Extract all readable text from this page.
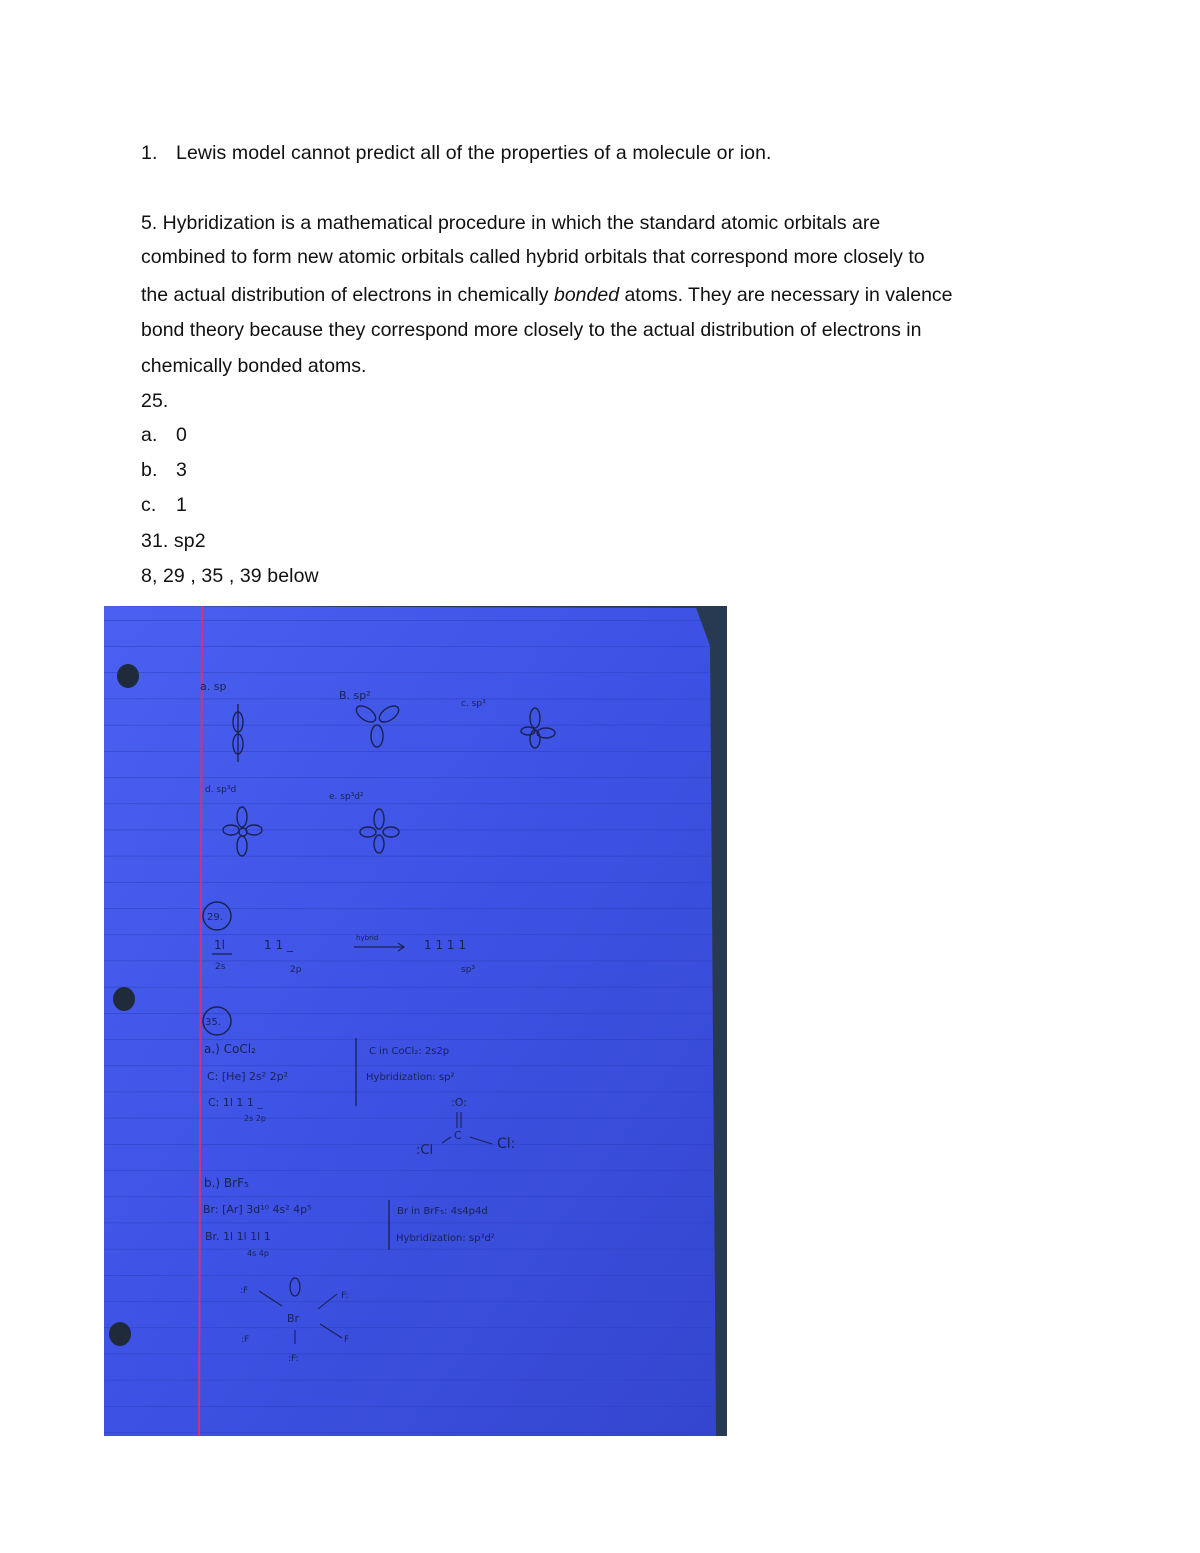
1. Lewis model cannot predict all of the properties of a molecule or ion.
5. Hybridization is a mathematical procedure in which the standard atomic orbitals are
combined to form new atomic orbitals called hybrid orbitals that correspond more closely to
the actual distribution of electrons in chemically bonded atoms. They are necessary in valence
bond theory because they correspond more closely to the actual distribution of electrons in
chemically bonded atoms.
25.
a. 0
b. 3
c. 1
31. sp2
8, 29 , 35 , 39 below
a. sp
B. sp²
c. sp³
d. sp³d
e. sp³d²
29.
1l
2s
1 1 _
2p
hybrid	1 1 1 1
sp³
35.
a.) CoCl₂
C: [He] 2s² 2p²
C: 1l 1 1 _
2s 2p
C in CoCl₂: 2s2p
Hybridization: sp²
:O:
C
:Cl	Cl:
b.) BrF₅
Br: [Ar] 3d¹⁰ 4s² 4p⁵
Br. 1l 1l 1l 1
4s 4p
Br in BrF₅: 4s4p4d
Hybridization: sp³d²
Br
:F	F:
:F	F
:F:
